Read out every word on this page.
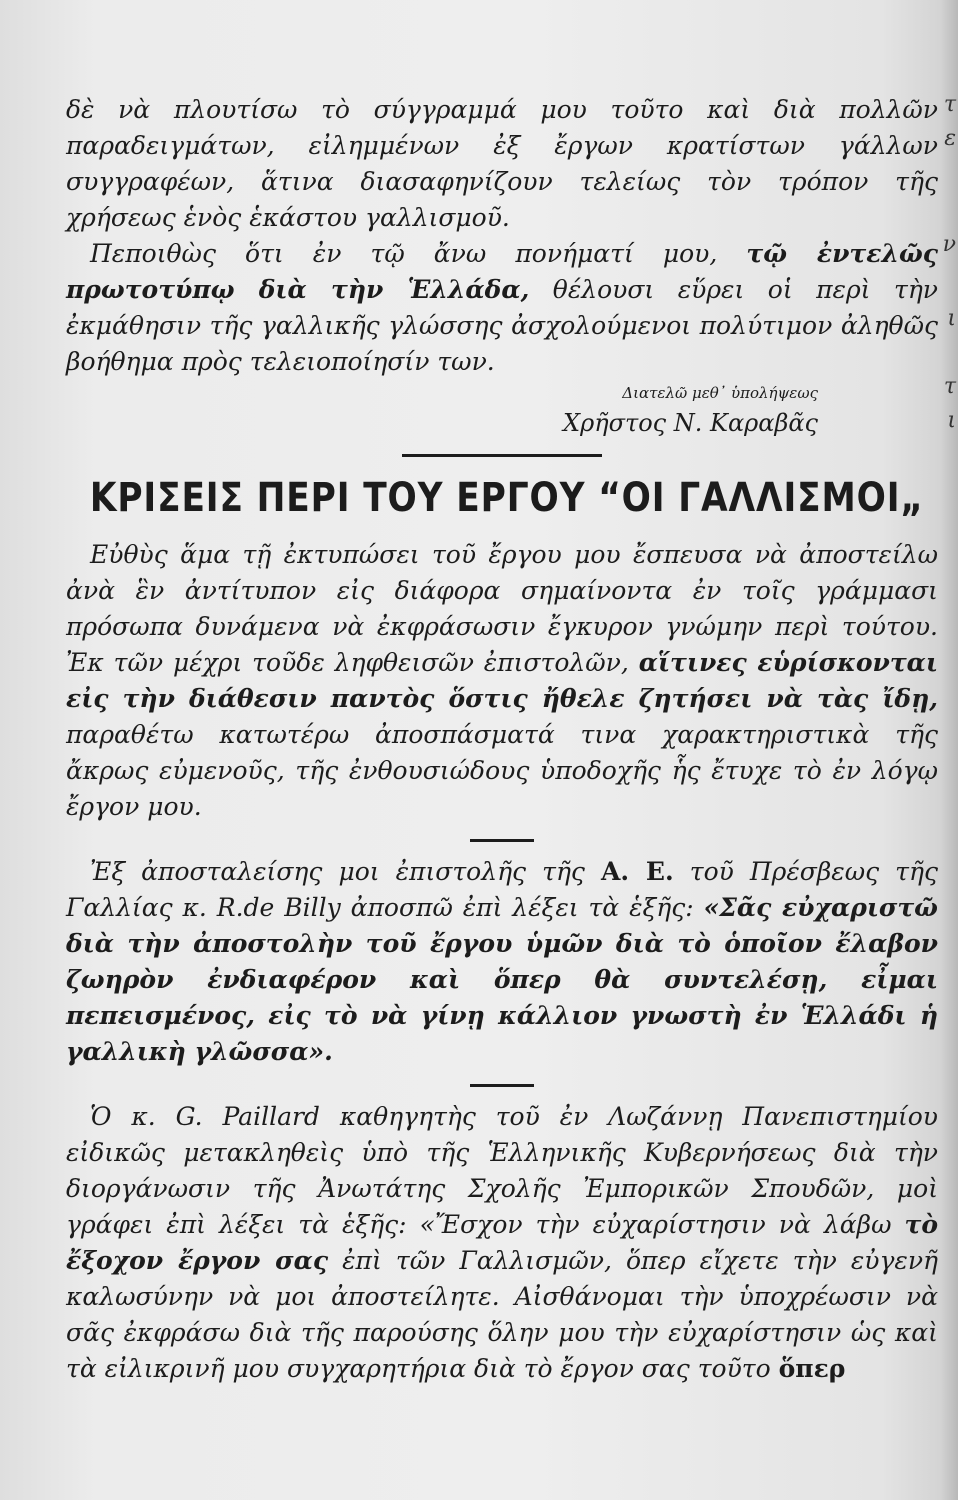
τ
ε
ν
ι
τ
ι

δὲ νὰ πλουτίσω τὸ σύγγραμμά μου τοῦτο καὶ διὰ πολλῶν παραδειγμάτων, εἰλημμένων ἐξ ἔργων κρατίστων γάλλων συγγραφέων, ἅτινα διασαφηνίζουν τελείως τὸν τρόπον τῆς χρήσεως ἑνὸς ἑκάστου γαλλισμοῦ.

Πεποιθὼς ὅτι ἐν τῷ ἄνω πονήματί μου, τῷ ἐντελῶς πρωτοτύπῳ διὰ τὴν Ἑλλάδα, θέλουσι εὕρει οἱ περὶ τὴν ἐκμάθησιν τῆς γαλλικῆς γλώσσης ἀσχολούμενοι πολύτιμον ἀληθῶς βοήθημα πρὸς τελειοποίησίν των.

Διατελῶ μεθ᾽ ὑπολήψεως
Χρῆστος Ν. Καραβᾶς
ΚΡΙΣΕΙΣ ΠΕΡΙ ΤΟΥ ΕΡΓΟΥ “ΟΙ ΓΑΛΛΙΣΜΟΙ„

Εὐθὺς ἅμα τῇ ἐκτυπώσει τοῦ ἔργου μου ἔσπευσα νὰ ἀποστείλω ἀνὰ ἓν ἀντίτυπον εἰς διάφορα σημαίνοντα ἐν τοῖς γράμμασι πρόσωπα δυνάμενα νὰ ἐκφράσωσιν ἔγκυρον γνώμην περὶ τούτου. Ἐκ τῶν μέχρι τοῦδε ληφθεισῶν ἐπιστολῶν, αἵτινες εὑρίσκονται εἰς τὴν διάθεσιν παντὸς ὅστις ἤθελε ζητήσει νὰ τὰς ἴδῃ, παραθέτω κατωτέρω ἀποσπάσματά τινα χαρακτηριστικὰ τῆς ἄκρως εὐμενοῦς, τῆς ἐνθουσιώδους ὑποδοχῆς ἧς ἔτυχε τὸ ἐν λόγῳ ἔργον μου.

Ἐξ ἀποσταλείσης μοι ἐπιστολῆς τῆς Α. Ε. τοῦ Πρέσβεως τῆς Γαλλίας κ. R.de Billy ἀποσπῶ ἐπὶ λέξει τὰ ἑξῆς: «Σᾶς εὐχαριστῶ διὰ τὴν ἀποστολὴν τοῦ ἔργου ὑμῶν διὰ τὸ ὁποῖον ἔλαβον ζωηρὸν ἐνδιαφέρον καὶ ὅπερ θὰ συντελέσῃ, εἶμαι πεπεισμένος, εἰς τὸ νὰ γίνῃ κάλλιον γνωστὴ ἐν Ἑλλάδι ἡ γαλλικὴ γλῶσσα».

Ὁ κ. G. Paillard καθηγητὴς τοῦ ἐν Λωζάννῃ Πανεπιστημίου εἰδικῶς μετακληθεὶς ὑπὸ τῆς Ἑλληνικῆς Κυβερνήσεως διὰ τὴν διοργάνωσιν τῆς Ἀνωτάτης Σχολῆς Ἐμπορικῶν Σπουδῶν, μοὶ γράφει ἐπὶ λέξει τὰ ἑξῆς: «Ἔσχον τὴν εὐχαρίστησιν νὰ λάβω τὸ ἔξοχον ἔργον σας ἐπὶ τῶν Γαλλισμῶν, ὅπερ εἴχετε τὴν εὐγενῆ καλωσύνην νὰ μοι ἀποστείλητε. Αἰσθάνομαι τὴν ὑποχρέωσιν νὰ σᾶς ἐκφράσω διὰ τῆς παρούσης ὅλην μου τὴν εὐχαρίστησιν ὡς καὶ τὰ εἰλικρινῆ μου συγχαρητήρια διὰ τὸ ἔργον σας τοῦτο ὅπερ
